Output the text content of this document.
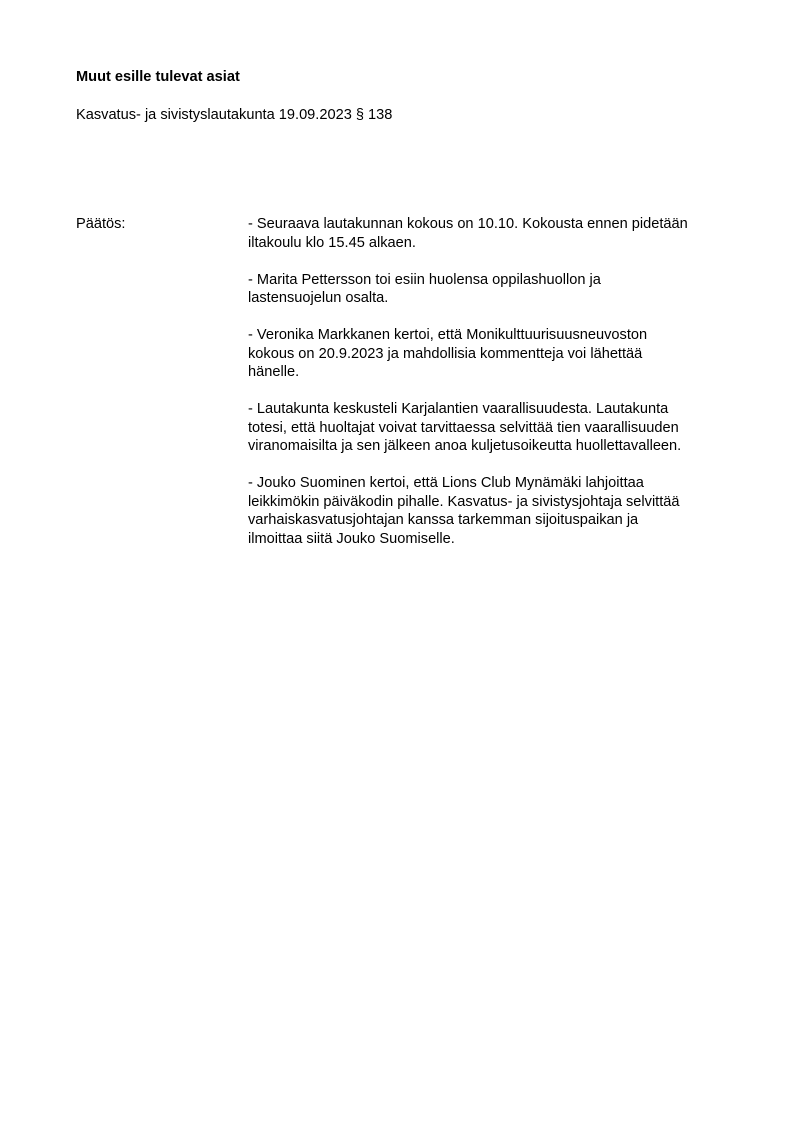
Muut esille tulevat asiat
Kasvatus- ja sivistyslautakunta 19.09.2023 § 138
Päätös:	- Seuraava lautakunnan kokous on 10.10. Kokousta ennen pidetään
iltakoulu klo 15.45 alkaen.
- Marita Pettersson toi esiin huolensa oppilashuollon ja
lastensuojelun osalta.
- Veronika Markkanen kertoi, että Monikulttuurisuusneuvoston
kokous on 20.9.2023 ja mahdollisia kommentteja voi lähettää
hänelle.
- Lautakunta keskusteli Karjalantien vaarallisuudesta. Lautakunta
totesi, että huoltajat voivat tarvittaessa selvittää tien vaarallisuuden
viranomaisilta ja sen jälkeen anoa kuljetusoikeutta huollettavalleen.
- Jouko Suominen kertoi, että Lions Club Mynämäki lahjoittaa
leikkimökin päiväkodin pihalle. Kasvatus- ja sivistysjohtaja selvittää
varhaiskasvatusjohtajan kanssa tarkemman sijoituspaikan ja
ilmoittaa siitä Jouko Suomiselle.
